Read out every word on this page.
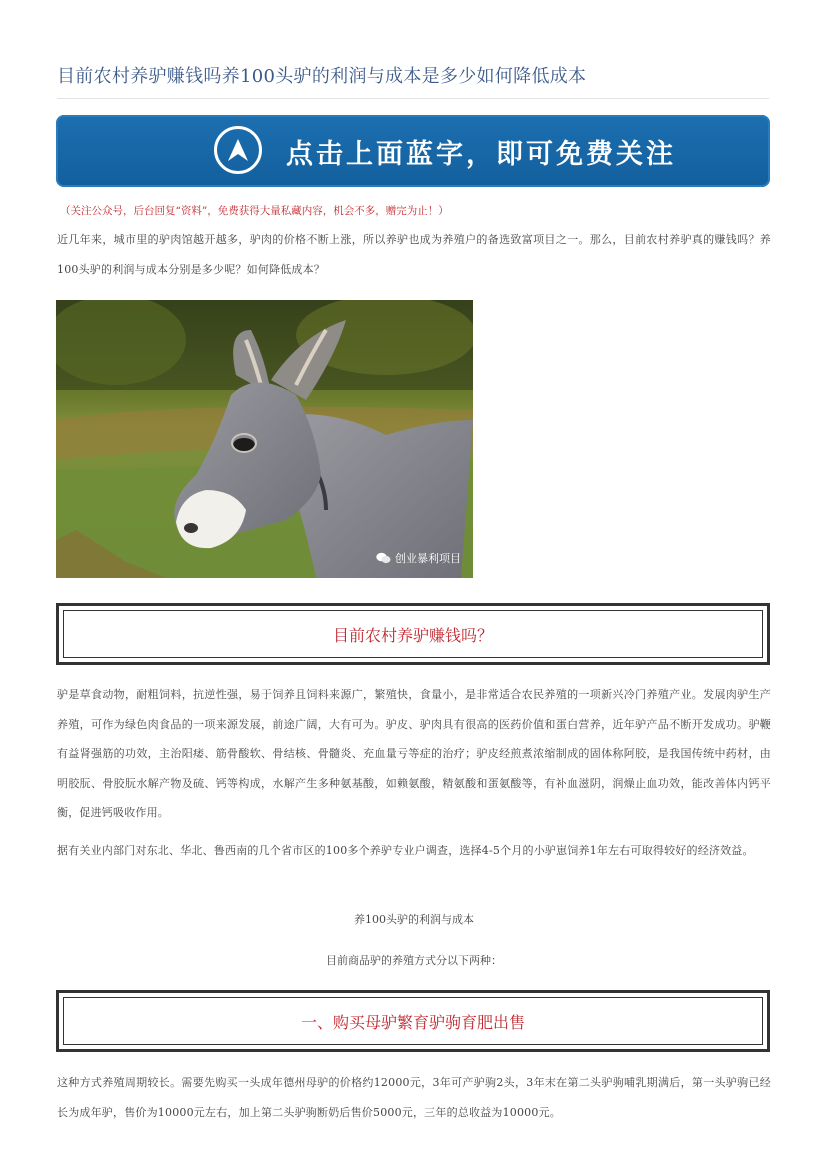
目前农村养驴赚钱吗养100头驴的利润与成本是多少如何降低成本
点击上面蓝字，即可免费关注
（关注公众号，后台回复“资料”，免费获得大量私藏内容，机会不多，赠完为止！）
近几年来，城市里的驴肉馆越开越多，驴肉的价格不断上涨，所以养驴也成为养殖户的备选致富项目之一。那么，目前农村养驴真的赚钱吗？养100头驴的利润与成本分别是多少呢？如何降低成本？
创业暴利项目
目前农村养驴赚钱吗？
驴是草食动物，耐粗饲料，抗逆性强，易于饲养且饲料来源广，繁殖快，食量小，是非常适合农民养殖的一项新兴冷门养殖产业。发展肉驴生产养殖，可作为绿色肉食品的一项来源发展，前途广阔，大有可为。驴皮、驴肉具有很高的医药价值和蛋白营养，近年驴产品不断开发成功。驴鞭有益肾强筋的功效，主治阳痿、筋骨酸软、骨结核、骨髓炎、充血量亏等症的治疗；驴皮经煎煮浓缩制成的固体称阿胶，是我国传统中药材，由明胶朊、骨胶朊水解产物及硫、钙等构成，水解产生多种氨基酸，如赖氨酸，精氨酸和蛋氨酸等，有补血滋阴，润燥止血功效，能改善体内钙平衡，促进钙吸收作用。
据有关业内部门对东北、华北、鲁西南的几个省市区的100多个养驴专业户调查，选择4-5个月的小驴崽饲养1年左右可取得较好的经济效益。
养100头驴的利润与成本
目前商品驴的养殖方式分以下两种：
一、购买母驴繁育驴驹育肥出售
这种方式养殖周期较长。需要先购买一头成年德州母驴的价格约12000元，3年可产驴驹2头，3年末在第二头驴驹哺乳期满后，第一头驴驹已经长为成年驴，售价为10000元左右，加上第二头驴驹断奶后售价5000元，三年的总收益为10000元。
